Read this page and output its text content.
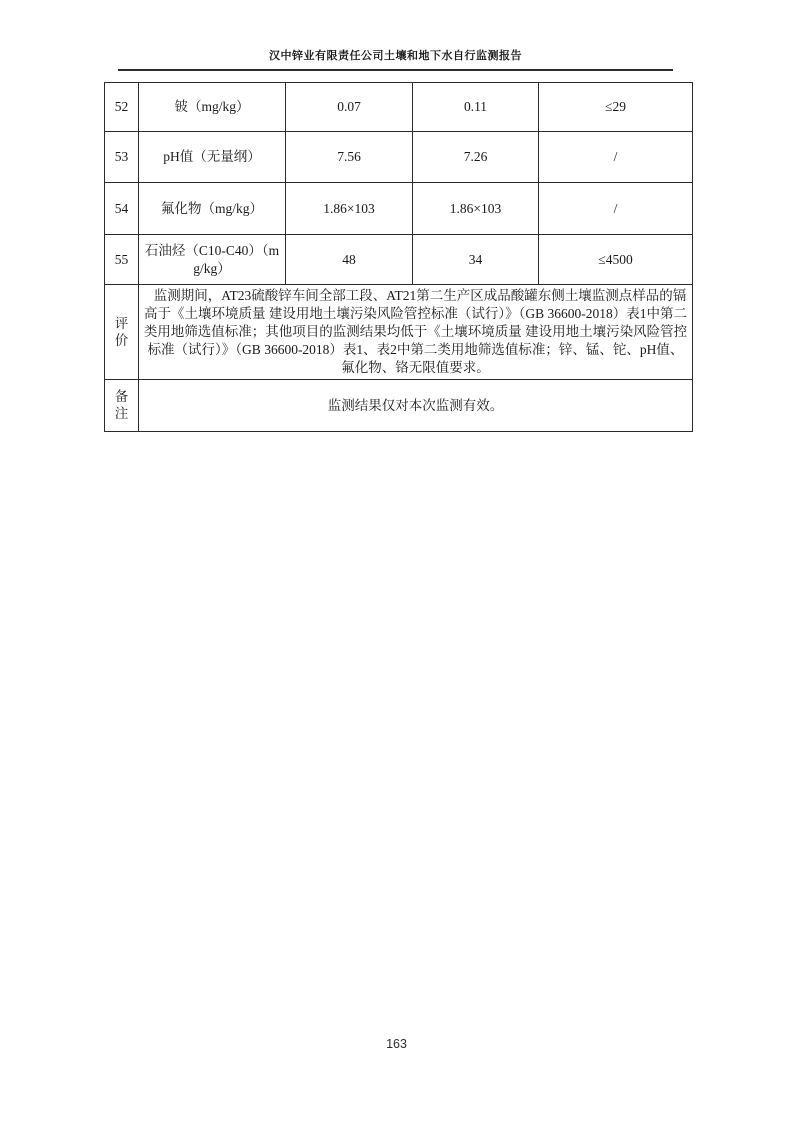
汉中锌业有限责任公司土壤和地下水自行监测报告
52	铍（mg/kg）	0.07	0.11	≤29
53	pH值（无量纲）	7.56	7.26	/
54	氟化物（mg/kg）	1.86×103	1.86×103	/
55	石油烃（C10-C40）（mg/kg）	48	34	≤4500
评价	监测期间，AT23硫酸锌车间全部工段、AT21第二生产区成品酸罐东侧土壤监测点样品的镉高于《土壤环境质量 建设用地土壤污染风险管控标准（试行）》（GB 36600-2018）表1中第二类用地筛选值标准；其他项目的监测结果均低于《土壤环境质量 建设用地土壤污染风险管控标准（试行）》（GB 36600-2018）表1、表2中第二类用地筛选值标准；锌、锰、铊、pH值、氟化物、铬无限值要求。			
备注	监测结果仅对本次监测有效。			
163
